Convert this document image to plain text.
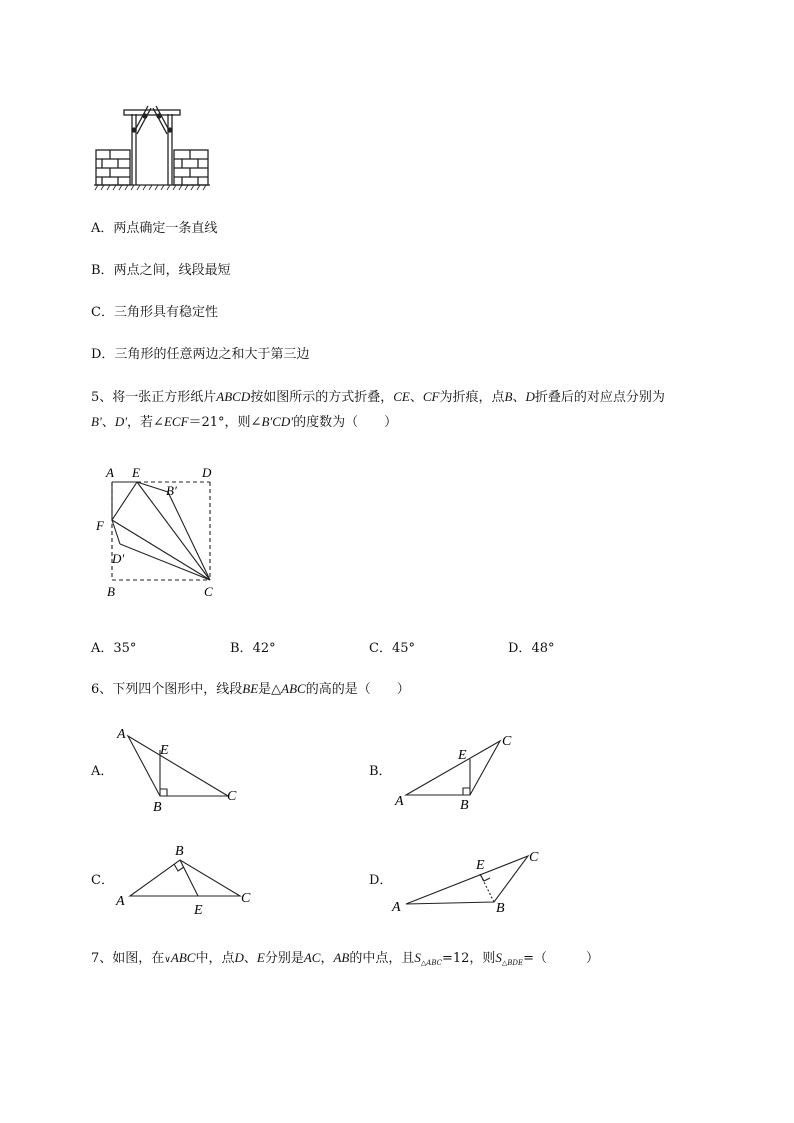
A．两点确定一条直线
B．两点之间，线段最短
C．三角形具有稳定性
D．三角形的任意两边之和大于第三边
5、将一张正方形纸片ABCD按如图所示的方式折叠，CE、CF为折痕，点B、D折叠后的对应点分别为
B′、D′，若∠ECF＝21°，则∠B′CD′的度数为（　　）
A E	D
B′
F
D′
B	C
A．35°	B．42°	C．45°	D．48°
6、下列四个图形中，线段BE是△ABC的高的是（　　）
A．
A
E
B
C
B．
A
E
B
C
C．
A
B
E
C
D．
A
E
B
C
7、如图，在∨ABC中，点D、E分别是AC，AB的中点，且$S_{\triangle ABC}=12$，则$S_{\triangle BDE}=$（　　　）
